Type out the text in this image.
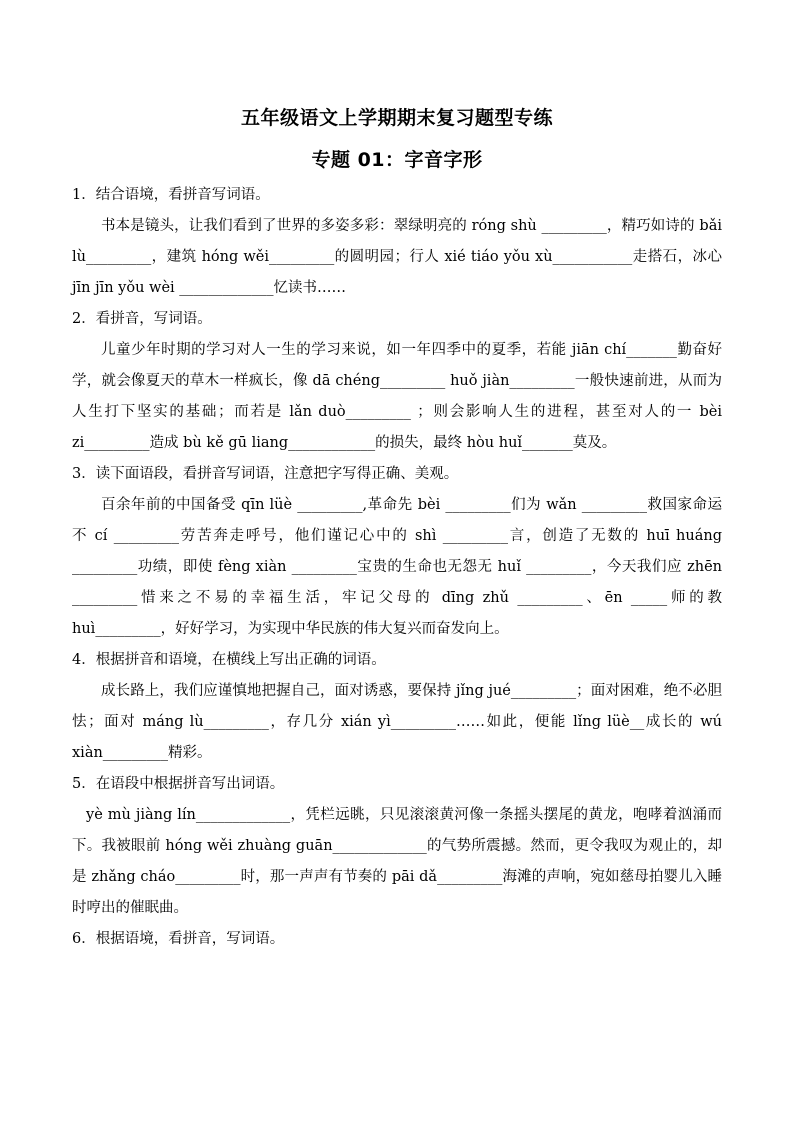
五年级语文上学期期末复习题型专练
专题 01：字音字形
1．结合语境，看拼音写词语。
书本是镜头，让我们看到了世界的多姿多彩：翠绿明亮的 róng shù _________，精巧如诗的 bǎi lù_________，建筑 hóng wěi_________的圆明园；行人 xié tiáo yǒu xù___________走搭石，冰心 jīn jīn yǒu wèi _____________忆读书……
2．看拼音，写词语。
儿童少年时期的学习对人一生的学习来说，如一年四季中的夏季，若能 jiān chí_______勤奋好学，就会像夏天的草木一样疯长，像 dā chéng_________ huǒ jiàn_________一般快速前进，从而为人生打下坚实的基础；而若是 lǎn duò_________ ；则会影响人生的进程，甚至对人的一 bèi zi_________造成 bù kě gū liang____________的损失，最终 hòu huǐ_______莫及。
3．读下面语段，看拼音写词语，注意把字写得正确、美观。
百余年前的中国备受 qīn lüè _________,革命先 bèi _________们为 wǎn _________救国家命运不 cí _________劳苦奔走呼号，他们谨记心中的 shì _________言，创造了无数的 huī huáng _________功绩，即使 fèng xiàn _________宝贵的生命也无怨无 huǐ _________，今天我们应 zhēn _________惜来之不易的幸福生活，牢记父母的 dīng zhǔ _________、ēn _____师的教 huì_________，好好学习，为实现中华民族的伟大复兴而奋发向上。
4．根据拼音和语境，在横线上写出正确的词语。
成长路上，我们应谨慎地把握自己，面对诱惑，要保持 jǐng jué_________；面对困难，绝不必胆怯；面对 máng lù_________，存几分 xián yì_________……如此，便能 lǐng lüè__成长的 wú xiàn_________精彩。
5．在语段中根据拼音写出词语。
yè mù jiàng lín_____________，凭栏远眺，只见滚滚黄河像一条摇头摆尾的黄龙，咆哮着汹涌而下。我被眼前 hóng wěi zhuàng guān_____________的气势所震撼。然而，更令我叹为观止的，却是 zhǎng cháo_________时，那一声声有节奏的 pāi dǎ_________海滩的声响，宛如慈母拍婴儿入睡时哼出的催眠曲。
6．根据语境，看拼音，写词语。
